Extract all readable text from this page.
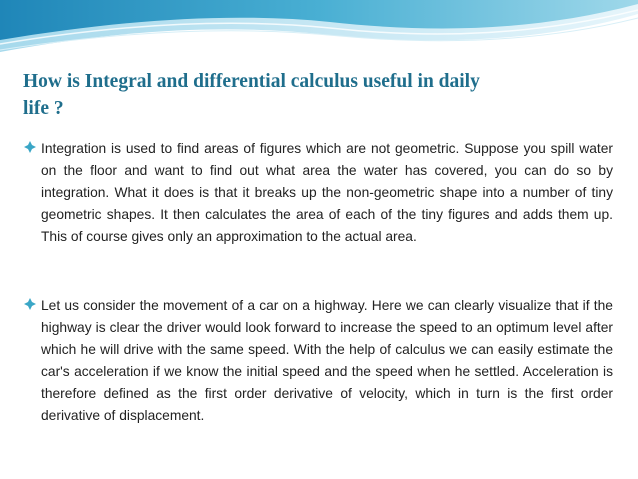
How is Integral and differential calculus useful in daily
life ?

Integration is used to find areas of figures which are not geometric. Suppose you spill water on the floor and want to find out what area the water has covered, you can do so by integration. What it does is that it breaks up the non-geometric shape into a number of tiny geometric shapes. It then calculates the area of each of the tiny figures and adds them up. This of course gives only an approximation to the actual area.

Let us consider the movement of a car on a highway. Here we can clearly visualize that if the highway is clear the driver would look forward to increase the speed to an optimum level after which he will drive with the same speed. With the help of calculus we can easily estimate the car's acceleration if we know the initial speed and the speed when he settled. Acceleration is therefore defined as the first order derivative of velocity, which in turn is the first order derivative of displacement.
